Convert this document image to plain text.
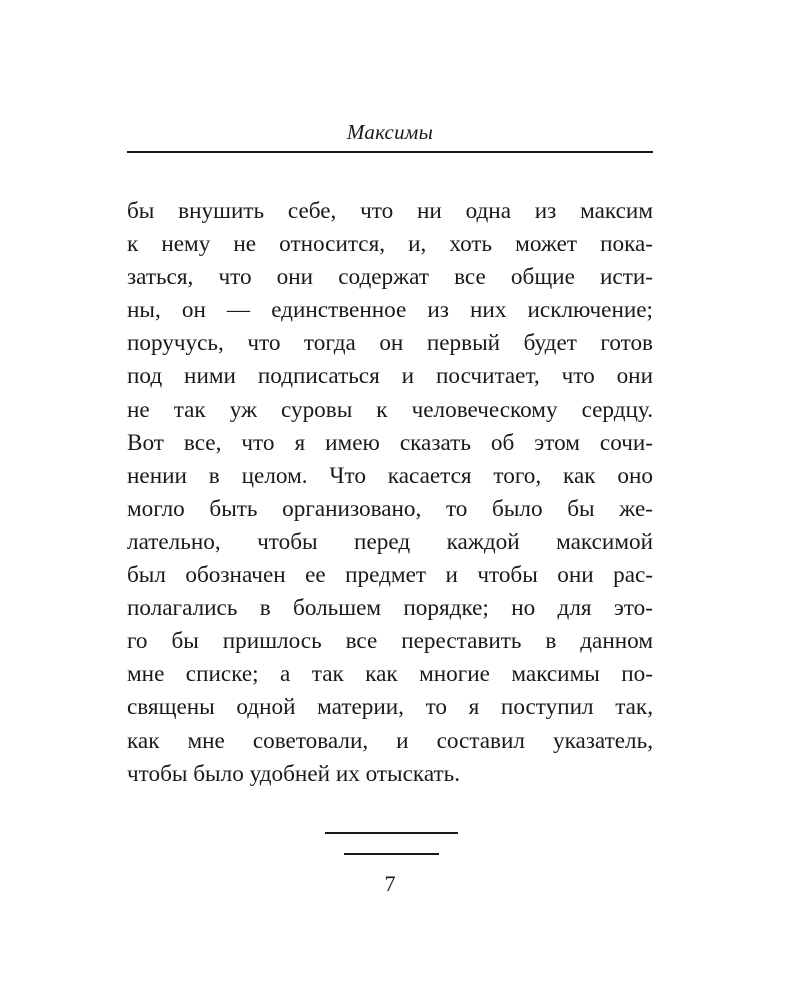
Максимы
бы внушить себе, что ни одна из максим
к нему не относится, и, хоть может пока-
заться, что они содержат все общие исти-
ны, он — единственное из них исключение;
поручусь, что тогда он первый будет готов
под ними подписаться и посчитает, что они
не так уж суровы к человеческому сердцу.
Вот все, что я имею сказать об этом сочи-
нении в целом. Что касается того, как оно
могло быть организовано, то было бы же-
лательно, чтобы перед каждой максимой
был обозначен ее предмет и чтобы они рас-
полагались в большем порядке; но для это-
го бы пришлось все переставить в данном
мне списке; а так как многие максимы по-
священы одной материи, то я поступил так,
как мне советовали, и составил указатель,
чтобы было удобней их отыскать.
7
